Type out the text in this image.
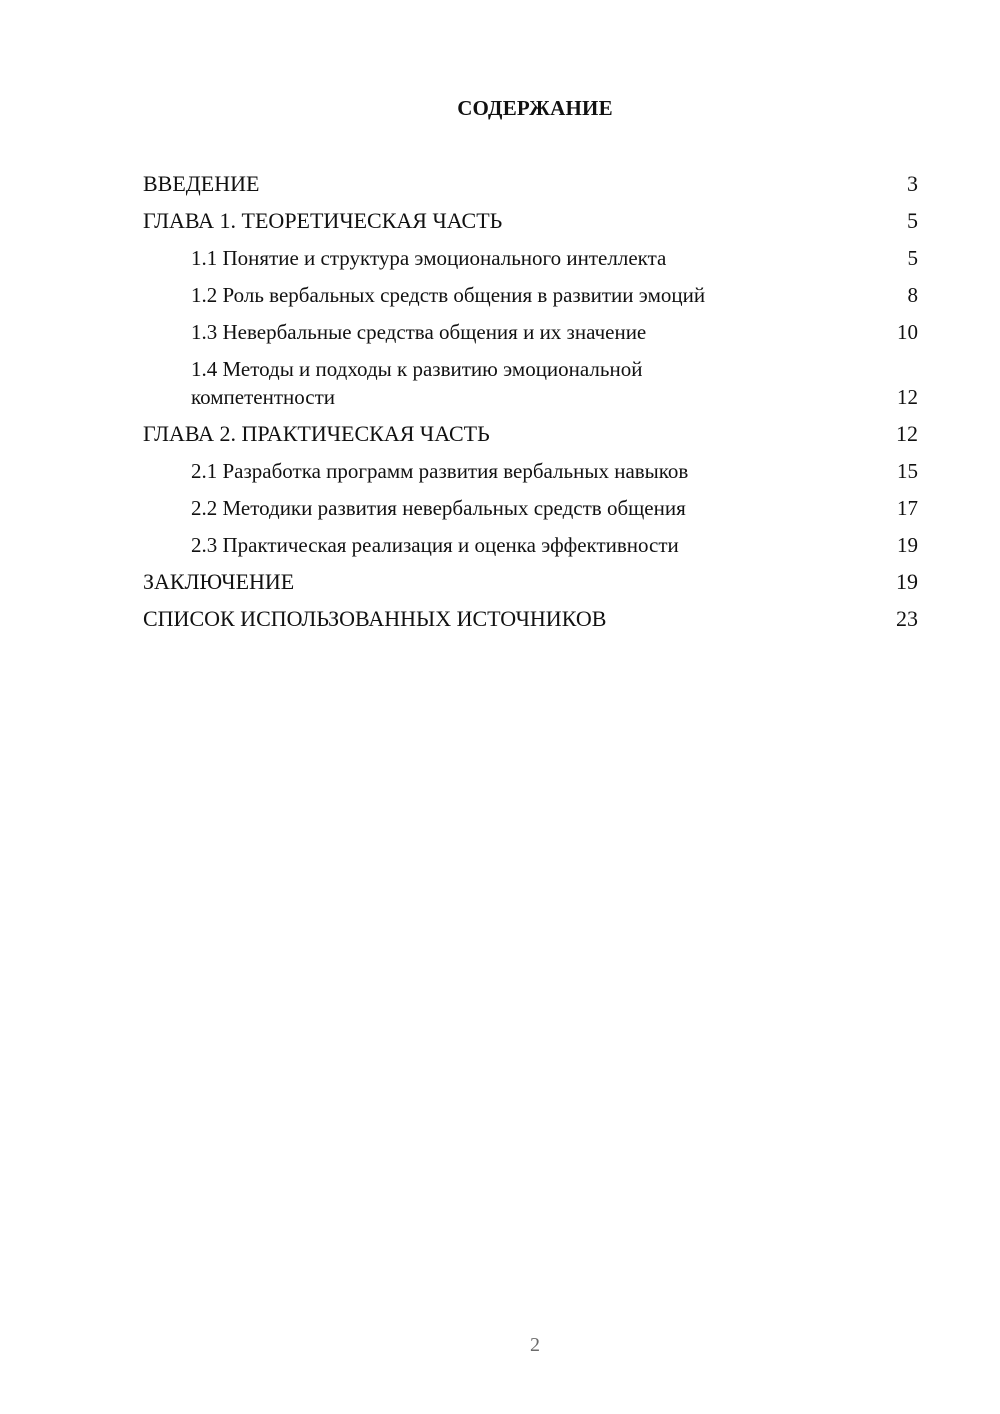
СОДЕРЖАНИЕ
ВВЕДЕНИЕ	3
ГЛАВА 1. ТЕОРЕТИЧЕСКАЯ ЧАСТЬ	5
1.1 Понятие и структура эмоционального интеллекта	5
1.2 Роль вербальных средств общения в развитии эмоций	8
1.3 Невербальные средства общения и их значение	10
1.4 Методы и подходы к развитию эмоциональной компетентности	12
ГЛАВА 2. ПРАКТИЧЕСКАЯ ЧАСТЬ	12
2.1 Разработка программ развития вербальных навыков	15
2.2 Методики развития невербальных средств общения	17
2.3 Практическая реализация и оценка эффективности	19
ЗАКЛЮЧЕНИЕ	19
СПИСОК ИСПОЛЬЗОВАННЫХ ИСТОЧНИКОВ	23
2
